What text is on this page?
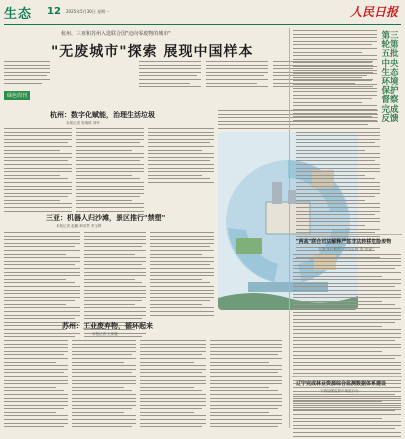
生态 12 2025年5月30日 星期一	人民日报
杭州、三亚和苏州入选联合国"迈向零废物的城市"
"无废城市"探索 展现中国样本
绿色周刊
杭州：数字化赋能，治理生活垃圾
本报记者 窦瑞琪 刘军
三亚：机器人归沙滩，景区推行"禁塑"
本报记者 赵鹏 荆卓然 李玉辉
苏州：工业废弃物，循环起来
本报记者 王伟健
第三轮第五批中央生态环境保护督察完成反馈
"两高"联合司法解释严惩非法转移危险废物
完善"实行职责与规范监督"的"衔接"
辽宁完成林业资源综合监测数据体系建设
下游加强监管不规范行为
